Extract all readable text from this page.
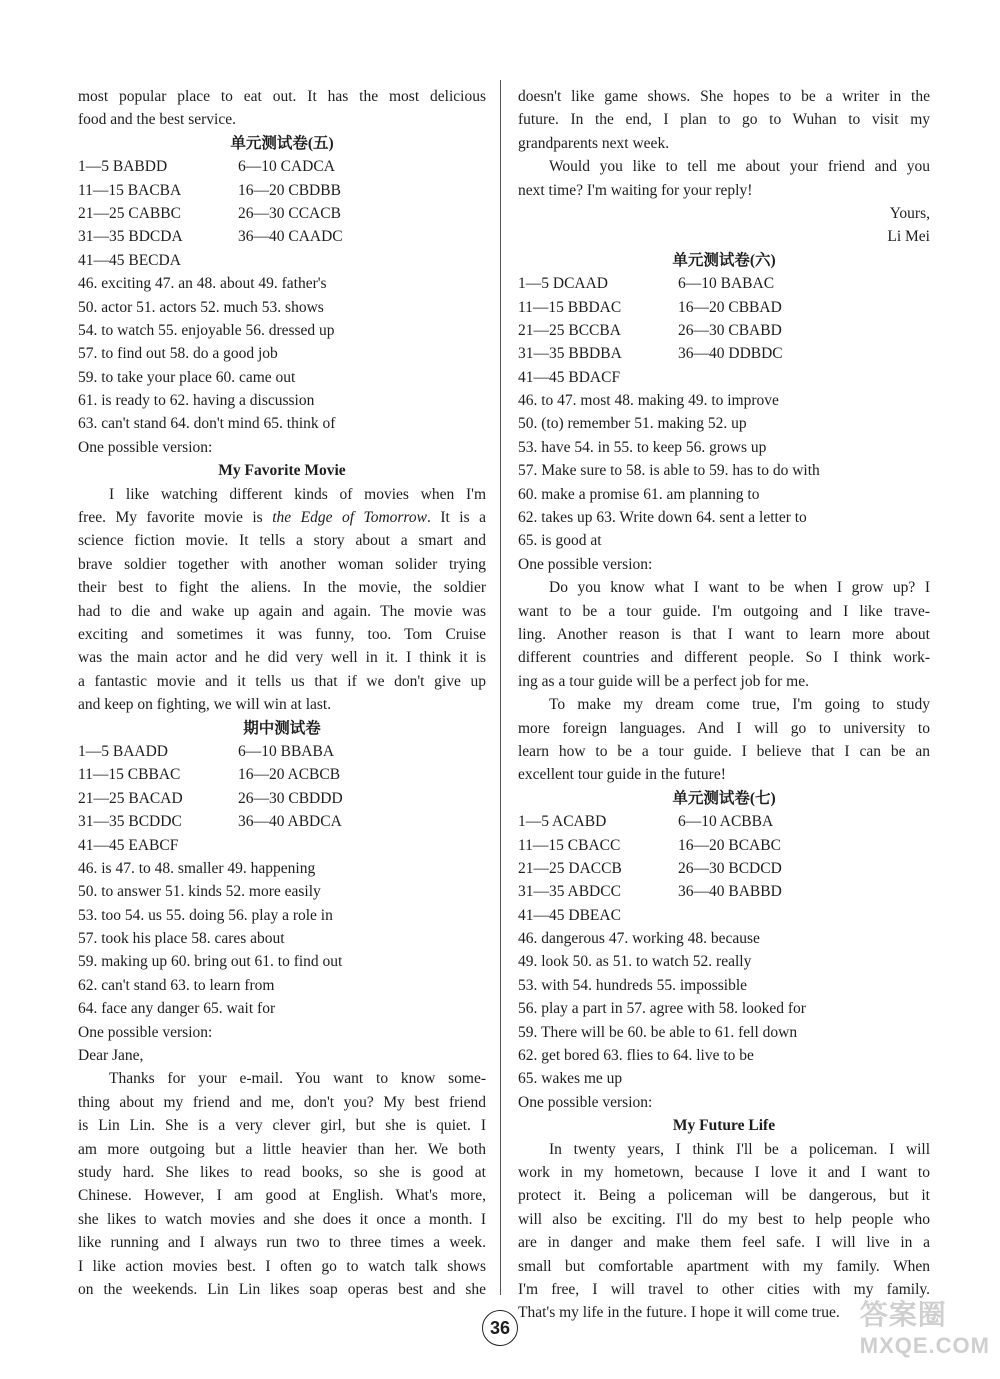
most popular place to eat out. It has the most delicious
food and the best service.
单元测试卷(五)
1—5 BABDD	6—10 CADCA
11—15 BACBA	16—20 CBDBB
21—25 CABBC	26—30 CCACB
31—35 BDCDA	36—40 CAADC
41—45 BECDA
46. exciting 47. an 48. about 49. father's
50. actor 51. actors 52. much 53. shows
54. to watch 55. enjoyable 56. dressed up
57. to find out 58. do a good job
59. to take your place 60. came out
61. is ready to 62. having a discussion
63. can't stand 64. don't mind 65. think of
One possible version:
My Favorite Movie
I like watching different kinds of movies when I'm
free. My favorite movie is the Edge of Tomorrow. It is a
science fiction movie. It tells a story about a smart and
brave soldier together with another woman solider trying
their best to fight the aliens. In the movie, the soldier
had to die and wake up again and again. The movie was
exciting and sometimes it was funny, too. Tom Cruise
was the main actor and he did very well in it. I think it is
a fantastic movie and it tells us that if we don't give up
and keep on fighting, we will win at last.
期中测试卷
1—5 BAADD	6—10 BBABA
11—15 CBBAC	16—20 ACBCB
21—25 BACAD	26—30 CBDDD
31—35 BCDDC	36—40 ABDCA
41—45 EABCF
46. is 47. to 48. smaller 49. happening
50. to answer 51. kinds 52. more easily
53. too 54. us 55. doing 56. play a role in
57. took his place 58. cares about
59. making up 60. bring out 61. to find out
62. can't stand 63. to learn from
64. face any danger 65. wait for
One possible version:
Dear Jane,
Thanks for your e-mail. You want to know some-
thing about my friend and me, don't you? My best friend
is Lin Lin. She is a very clever girl, but she is quiet. I
am more outgoing but a little heavier than her. We both
study hard. She likes to read books, so she is good at
Chinese. However, I am good at English. What's more,
she likes to watch movies and she does it once a month. I
like running and I always run two to three times a week.
I like action movies best. I often go to watch talk shows
on the weekends. Lin Lin likes soap operas best and she
doesn't like game shows. She hopes to be a writer in the
future. In the end, I plan to go to Wuhan to visit my
grandparents next week.
Would you like to tell me about your friend and you
next time? I'm waiting for your reply!
Yours,
Li Mei
单元测试卷(六)
1—5 DCAAD	6—10 BABAC
11—15 BBDAC	16—20 CBBAD
21—25 BCCBA	26—30 CBABD
31—35 BBDBA	36—40 DDBDC
41—45 BDACF
46. to 47. most 48. making 49. to improve
50. (to) remember 51. making 52. up
53. have 54. in 55. to keep 56. grows up
57. Make sure to 58. is able to 59. has to do with
60. make a promise 61. am planning to
62. takes up 63. Write down 64. sent a letter to
65. is good at
One possible version:
Do you know what I want to be when I grow up? I
want to be a tour guide. I'm outgoing and I like trave-
ling. Another reason is that I want to learn more about
different countries and different people. So I think work-
ing as a tour guide will be a perfect job for me.
To make my dream come true, I'm going to study
more foreign languages. And I will go to university to
learn how to be a tour guide. I believe that I can be an
excellent tour guide in the future!
单元测试卷(七)
1—5 ACABD	6—10 ACBBA
11—15 CBACC	16—20 BCABC
21—25 DACCB	26—30 BCDCD
31—35 ABDCC	36—40 BABBD
41—45 DBEAC
46. dangerous 47. working 48. because
49. look 50. as 51. to watch 52. really
53. with 54. hundreds 55. impossible
56. play a part in 57. agree with 58. looked for
59. There will be 60. be able to 61. fell down
62. get bored 63. flies to 64. live to be
65. wakes me up
One possible version:
My Future Life
In twenty years, I think I'll be a policeman. I will
work in my hometown, because I love it and I want to
protect it. Being a policeman will be dangerous, but it
will also be exciting. I'll do my best to help people who
are in danger and make them feel safe. I will live in a
small but comfortable apartment with my family. When
I'm free, I will travel to other cities with my family.
That's my life in the future. I hope it will come true.
36	答案圈
MXQE.COM
